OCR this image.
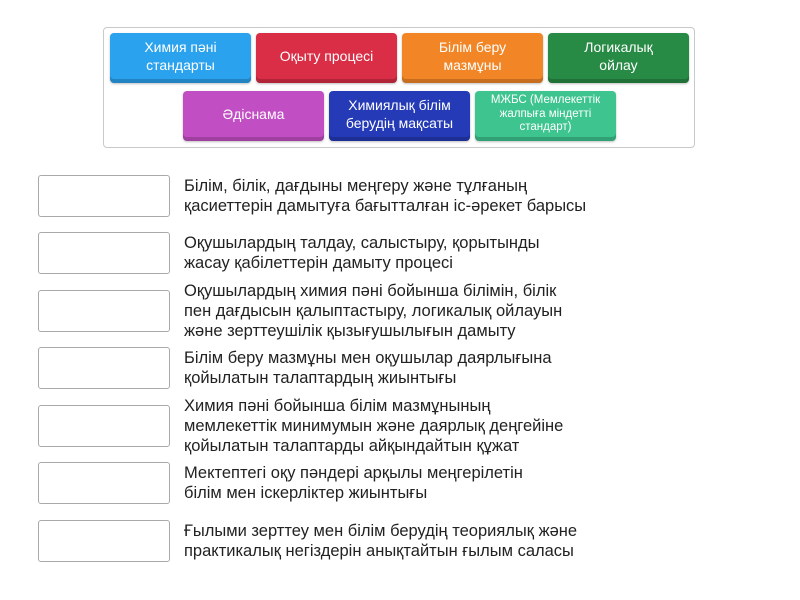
Химия пәні
стандарты
Оқыту процесі
Білім беру
мазмұны
Логикалық
ойлау
Әдіснама
Химиялық білім
берудің мақсаты
МЖБС (Мемлекеттік
жалпыға міндетті
стандарт)
Білім, білік, дағдыны меңгеру және тұлғаның
қасиеттерін дамытуға бағытталған іс-әрекет барысы
Оқушылардың талдау, салыстыру, қорытынды
жасау қабілеттерін дамыту процесі
Оқушылардың химия пәні бойынша білімін, білік
пен дағдысын қалыптастыру, логикалық ойлауын
және зерттеушілік қызығушылығын дамыту
Білім беру мазмұны мен оқушылар даярлығына
қойылатын талаптардың жиынтығы
Химия пәні бойынша білім мазмұнының
мемлекеттік минимумын және даярлық деңгейіне
қойылатын талаптарды айқындайтын құжат
Мектептегі оқу пәндері арқылы меңгерілетін
білім мен іскерліктер жиынтығы
Ғылыми зерттеу мен білім берудің теориялық және
практикалық негіздерін анықтайтын ғылым саласы
